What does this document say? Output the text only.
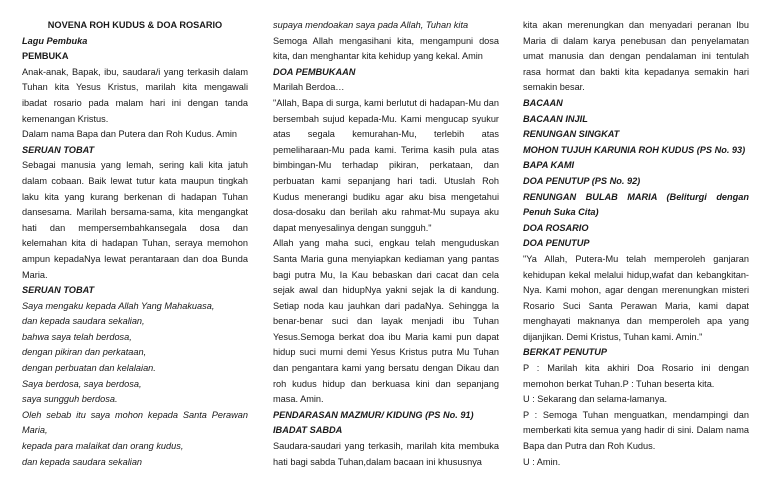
NOVENA ROH KUDUS & DOA ROSARIO

Lagu Pembuka

PEMBUKA

Anak-anak, Bapak, ibu, saudara/i yang terkasih dalam Tuhan kita Yesus Kristus, marilah kita mengawali ibadat rosario pada malam hari ini dengan tanda kemenangan Kristus.

Dalam nama Bapa dan Putera dan Roh Kudus. Amin

SERUAN TOBAT

Sebagai manusia yang lemah, sering kali kita jatuh dalam cobaan. Baik lewat tutur kata maupun tingkah laku kita yang kurang berkenan di hadapan Tuhan dansesama. Marilah bersama-sama, kita mengangkat hati dan mempersembahkansegala dosa dan kelemahan kita di hadapan Tuhan, seraya memohon ampun kepadaNya lewat perantaraan dan doa Bunda Maria.

SERUAN TOBAT

Saya mengaku kepada Allah Yang Mahakuasa,

dan kepada saudara sekalian,

bahwa saya telah berdosa,

dengan pikiran dan perkataan,

dengan perbuatan dan kelalaian.

Saya berdosa, saya berdosa,

saya sungguh berdosa.

Oleh sebab itu saya mohon kepada Santa Perawan Maria,

kepada para malaikat dan orang kudus,

dan kepada saudara sekalian

supaya mendoakan saya pada Allah, Tuhan kita

Semoga Allah mengasihani kita, mengampuni dosa kita, dan menghantar kita kehidup yang kekal. Amin

DOA PEMBUKAAN

Marilah Berdoa…

"Allah, Bapa di surga, kami berlutut di hadapan-Mu dan bersembah sujud kepada-Mu. Kami mengucap syukur atas segala kemurahan-Mu, terlebih atas pemeliharaan-Mu pada kami. Terima kasih pula atas bimbingan-Mu terhadap pikiran, perkataan, dan perbuatan kami sepanjang hari tadi. Utuslah Roh Kudus menerangi budiku agar aku bisa mengetahui dosa-dosaku dan berilah aku rahmat-Mu supaya aku dapat menyesalinya dengan sungguh."

Allah yang maha suci, engkau telah menguduskan Santa Maria guna menyiapkan kediaman yang pantas bagi putra Mu, Ia Kau bebaskan dari cacat dan cela sejak awal dan hidupNya yakni sejak la di kandung. Setiap noda kau jauhkan dari padaNya. Sehingga la benar-benar suci dan layak menjadi ibu Tuhan Yesus.Semoga berkat doa ibu Maria kami pun dapat hidup suci murni demi Yesus Kristus putra Mu Tuhan dan pengantara kami yang bersatu dengan Dikau dan roh kudus hidup dan berkuasa kini dan sepanjang masa. Amin.

PENDARASAN MAZMUR/ KIDUNG (PS No. 91)

IBADAT SABDA

Saudara-saudari yang terkasih, marilah kita membuka hati bagi sabda Tuhan,dalam bacaan ini khususnya

kita akan merenungkan dan menyadari peranan Ibu Maria di dalam karya penebusan dan penyelamatan umat manusia dan dengan pendalaman ini tentulah rasa hormat dan bakti kita kepadanya semakin hari semakin besar.

BACAAN

BACAAN INJIL

RENUNGAN SINGKAT

MOHON TUJUH KARUNIA ROH KUDUS (PS No. 93)

BAPA KAMI

DOA PENUTUP (PS No. 92)

RENUNGAN BULAB MARIA (Beliturgi dengan Penuh Suka Cita)

DOA ROSARIO

DOA PENUTUP

"Ya Allah, Putera-Mu telah memperoleh ganjaran kehidupan kekal melalui hidup,wafat dan kebangkitan-Nya. Kami mohon, agar dengan merenungkan misteri Rosario Suci Santa Perawan Maria, kami dapat menghayati maknanya dan memperoleh apa yang dijanjikan. Demi Kristus, Tuhan kami. Amin."

BERKAT PENUTUP

P : Marilah kita akhiri Doa Rosario ini dengan memohon berkat Tuhan.P : Tuhan beserta kita.

U : Sekarang dan selama-lamanya.

P : Semoga Tuhan menguatkan, mendampingi dan memberkati kita semua yang hadir di sini. Dalam nama Bapa dan Putra dan Roh Kudus.

U : Amin.
